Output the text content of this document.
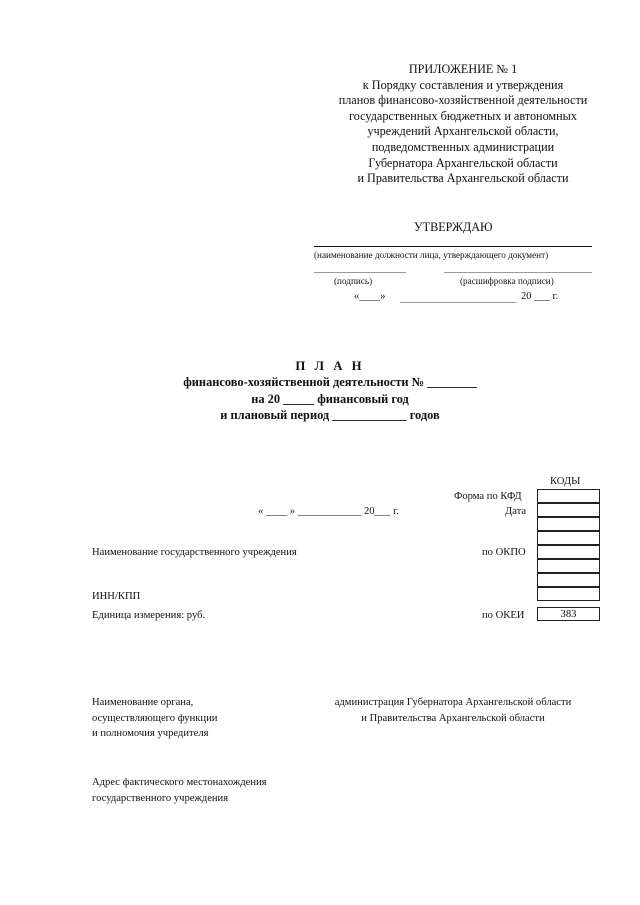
ПРИЛОЖЕНИЕ № 1
к Порядку составления и утверждения
планов финансово-хозяйственной деятельности
государственных бюджетных и автономных
учреждений Архангельской области,
подведомственных администрации
Губернатора Архангельской области
и Правительства Архангельской области
УТВЕРЖДАЮ
(наименование должности лица, утверждающего документ)
(подпись)	(расшифровка подписи)
«____»	20 ___ г.
П Л А Н
финансово-хозяйственной деятельности № ________
на 20 _____ финансовый год
и плановый период ____________ годов
КОДЫ
383
Форма по КФД
Дата
« ____ » ____________ 20___ г.
по ОКПО
по ОКЕИ
Наименование государственного учреждения
ИНН/КПП
Единица измерения: руб.
Наименование органа,
осуществляющего функции
и полномочия учредителя
администрация Губернатора Архангельской области
и Правительства Архангельской области
Адрес фактического местонахождения
государственного учреждения
